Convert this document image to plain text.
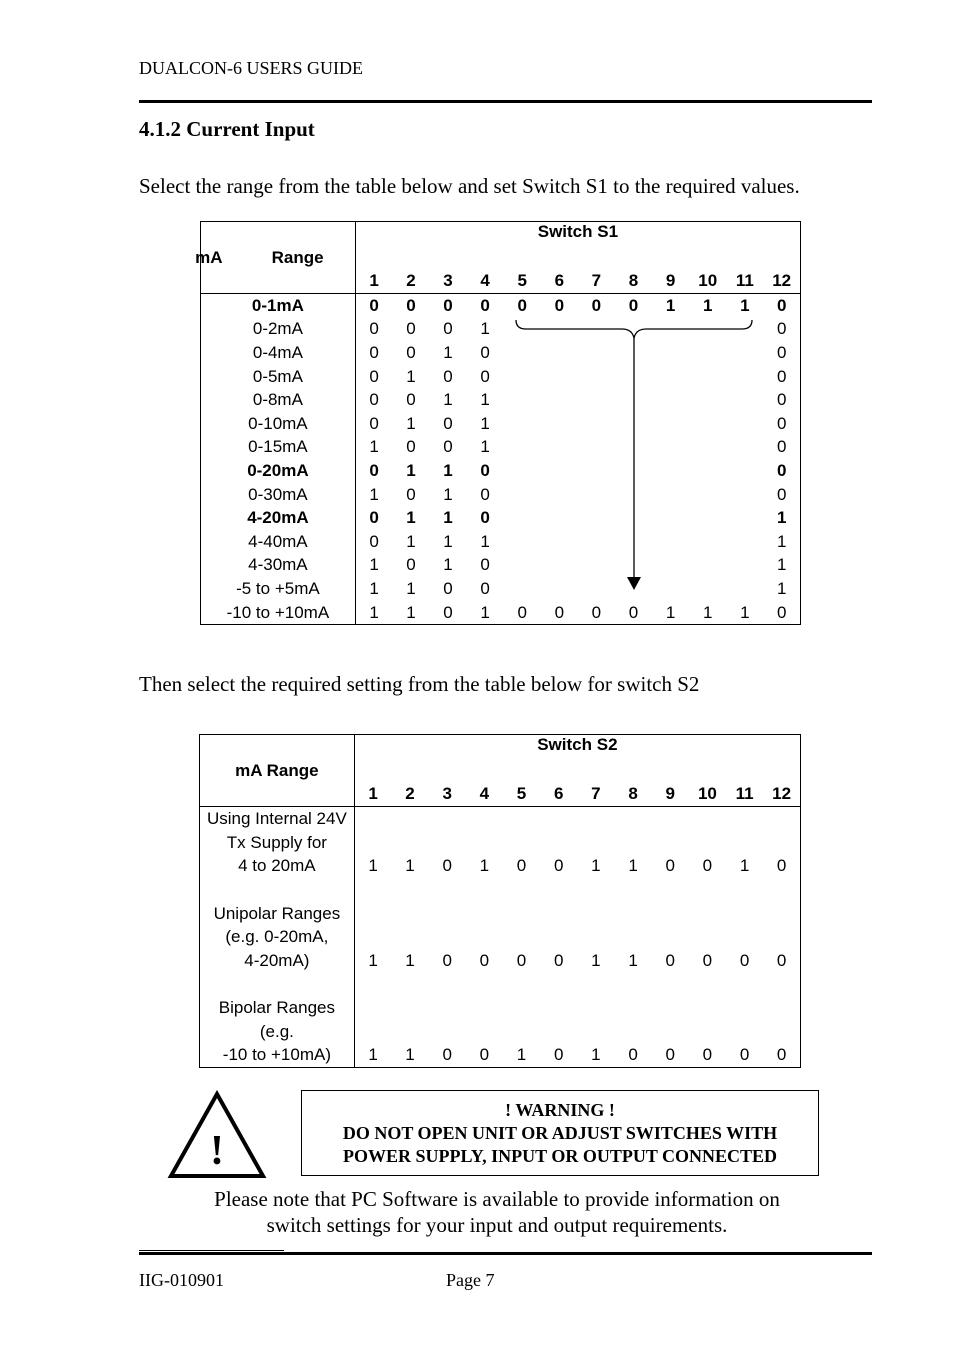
DUALCON-6 USERS GUIDE
4.1.2 Current Input
Select the range from the table below and set Switch S1 to the required values.
mA Range	Switch S1											

	1	2	3	4	5	6	7	8	9	10	11	12
0-1mA	0	0	0	0	0	0	0	0	1	1	1	0
0-2mA	0	0	0	1								0
0-4mA	0	0	1	0								0
0-5mA	0	1	0	0								0
0-8mA	0	0	1	1								0
0-10mA	0	1	0	1								0
0-15mA	1	0	0	1								0
0-20mA	0	1	1	0								0
0-30mA	1	0	1	0								0
4-20mA	0	1	1	0								1
4-40mA	0	1	1	1								1
4-30mA	1	0	1	0								1
-5 to +5mA	1	1	0	0								1
-10 to +10mA	1	1	0	1	0	0	0	0	1	1	1	0
Then select the required setting from the table below for switch S2
mA Range	Switch S2											

	1	2	3	4	5	6	7	8	9	10	11	12

Using Internal 24V
Tx Supply for
4 to 20mA	1	1	0	1	0	0	1	1	0	0	1	0

Unipolar Ranges
(e.g. 0-20mA,
4-20mA)	1	1	0	0	0	0	1	1	0	0	0	0

Bipolar Ranges
(e.g.
-10 to +10mA)	1	1	0	0	1	0	1	0	0	0	0	0
!
! WARNING !
DO NOT OPEN UNIT OR ADJUST SWITCHES WITH
POWER SUPPLY, INPUT OR OUTPUT CONNECTED
Please note that PC Software is available to provide information on
switch settings for your input and output requirements.
IIG-010901	Page 7
